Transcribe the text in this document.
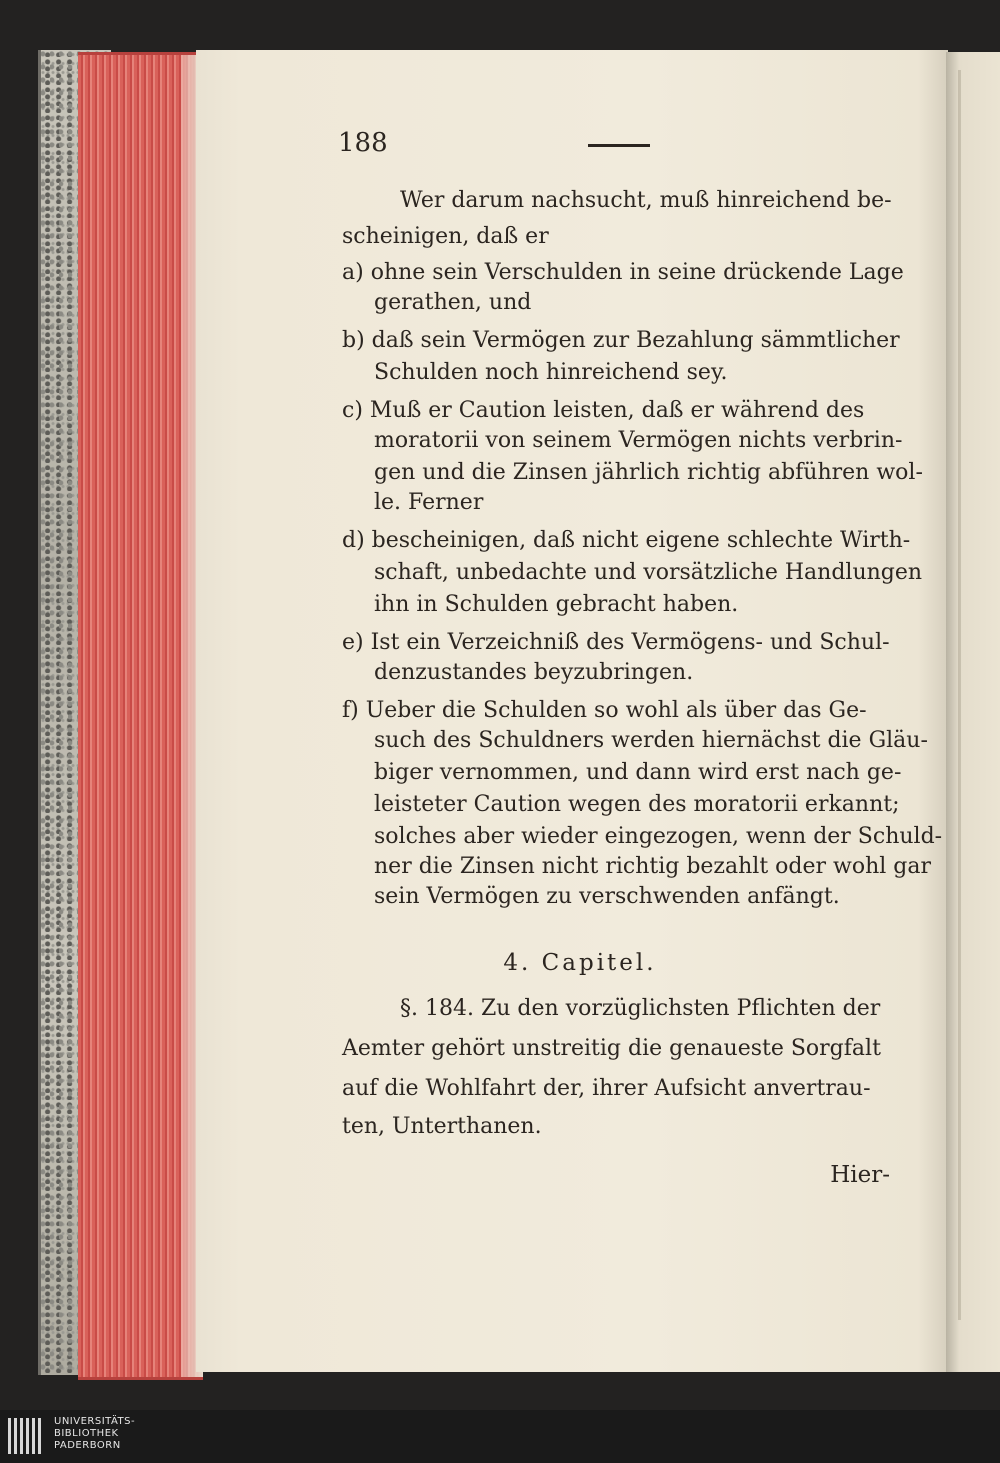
188
Wer darum nachsucht, muß hinreichend be-
scheinigen, daß er
a) ohne sein Verschulden in seine drückende Lage
gerathen, und
b) daß sein Vermögen zur Bezahlung sämmtlicher
Schulden noch hinreichend sey.
c) Muß er Caution leisten, daß er während des
moratorii von seinem Vermögen nichts verbrin-
gen und die Zinsen jährlich richtig abführen wol-
le. Ferner
d) bescheinigen, daß nicht eigene schlechte Wirth-
schaft, unbedachte und vorsätzliche Handlungen
ihn in Schulden gebracht haben.
e) Ist ein Verzeichniß des Vermögens- und Schul-
denzustandes beyzubringen.
f) Ueber die Schulden so wohl als über das Ge-
such des Schuldners werden hiernächst die Gläu-
biger vernommen, und dann wird erst nach ge-
leisteter Caution wegen des moratorii erkannt;
solches aber wieder eingezogen, wenn der Schuld-
ner die Zinsen nicht richtig bezahlt oder wohl gar
sein Vermögen zu verschwenden anfängt.
4. Capitel.
§. 184. Zu den vorzüglichsten Pflichten der
Aemter gehört unstreitig die genaueste Sorgfalt
auf die Wohlfahrt der, ihrer Aufsicht anvertrau-
ten, Unterthanen.
Hier-
UNIVERSITÄTS-
BIBLIOTHEK
PADERBORN
